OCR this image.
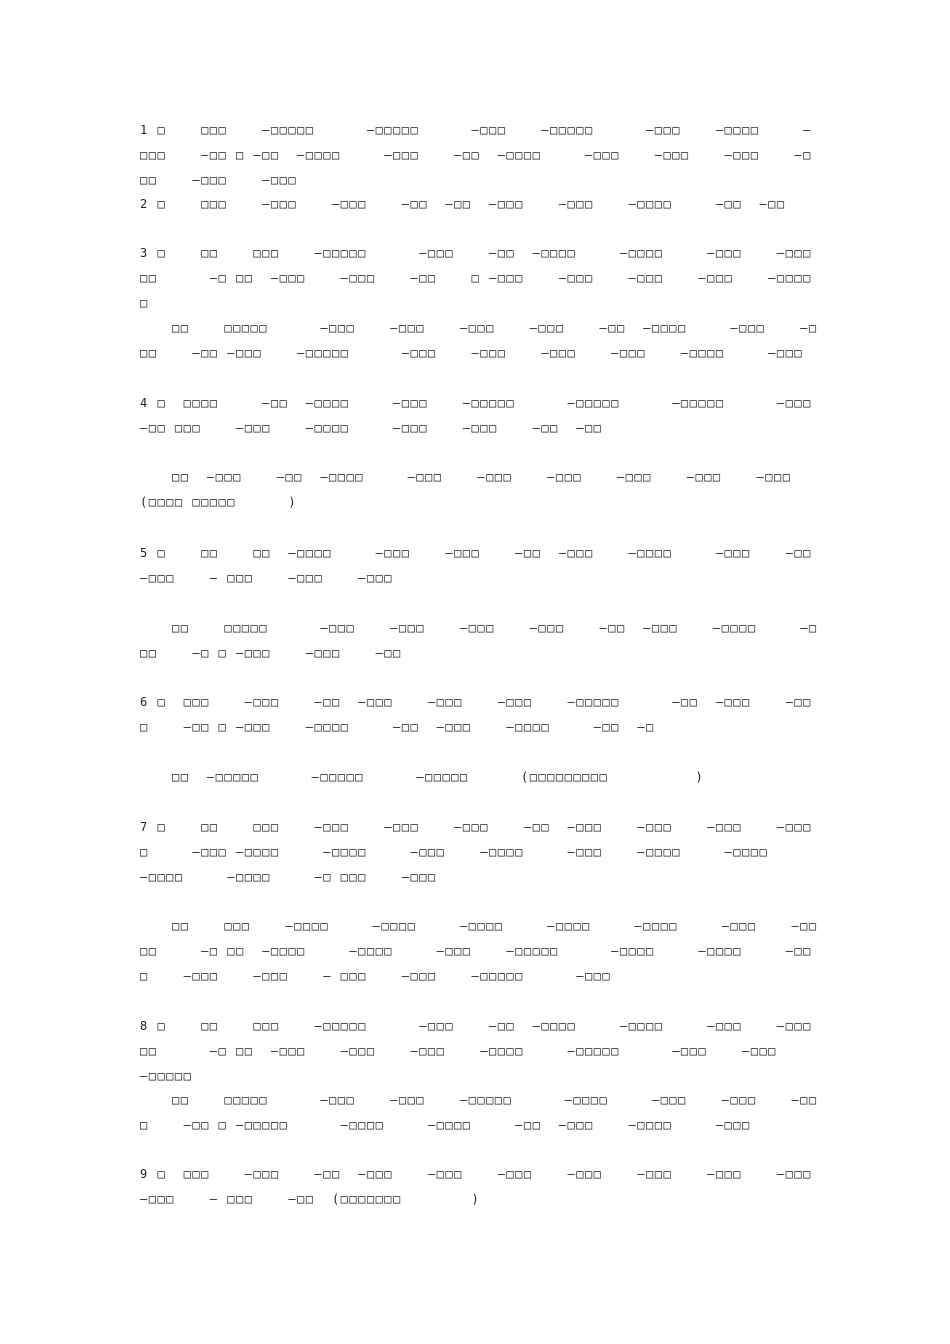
1 □    □□□    —□□□□□      —□□□□□      —□□□    —□□□□□      —□□□    —□□□□     —□□□    —□□ □ —□□  —□□□□     —□□□    —□□  —□□□□     —□□□    —□□□    —□□□    —□□□    —□□□    —□□□
2 □    □□□    —□□□    —□□□    —□□  —□□  —□□□    —□□□    —□□□□     —□□  —□□
3 □    □□    □□□    —□□□□□      —□□□    —□□  —□□□□     —□□□□     —□□□    —□□□□□      —□ □□  —□□□    —□□□    —□□    □ —□□□    —□□□    —□□□    —□□□    —□□□□□
□□    □□□□□      —□□□    —□□□    —□□□    —□□□    —□□  —□□□□     —□□□    —□□□    —□□ —□□□    —□□□□□      —□□□    —□□□    —□□□    —□□□    —□□□□     —□□□
4 □  □□□□     —□□  —□□□□     —□□□    —□□□□□      —□□□□□      —□□□□□      —□□□    —□□ □□□    —□□□    —□□□□     —□□□    —□□□    —□□  —□□
□□  —□□□    —□□  —□□□□     —□□□    —□□□    —□□□    —□□□    —□□□    —□□□    (□□□□ □□□□□      )
5 □    □□    □□  —□□□□     —□□□    —□□□    —□□  —□□□    —□□□□     —□□□    —□□  —□□□    — □□□    —□□□    —□□□
□□    □□□□□      —□□□    —□□□    —□□□    —□□□    —□□  —□□□    —□□□□     —□□□    —□ □ —□□□    —□□□    —□□
6 □  □□□    —□□□    —□□  —□□□    —□□□    —□□□    —□□□□□      —□□  —□□□    —□□□    —□□ □ —□□□    —□□□□     —□□  —□□□    —□□□□     —□□  —□
□□  —□□□□□      —□□□□□      —□□□□□      (□□□□□□□□□          )
7 □    □□    □□□    —□□□    —□□□    —□□□    —□□  —□□□    —□□□    —□□□    —□□□□     —□□□ —□□□□     —□□□□     —□□□    —□□□□     —□□□    —□□□□     —□□□□     —□□□□     —□□□□     —□ □□□    —□□□
□□    □□□    —□□□□     —□□□□     —□□□□     —□□□□     —□□□□     —□□□    —□□□□     —□ □□  —□□□□     —□□□□     —□□□    —□□□□□      —□□□□     —□□□□     —□□□    —□□□    —□□□    — □□□    —□□□    —□□□□□      —□□□
8 □    □□    □□□    —□□□□□      —□□□    —□□  —□□□□     —□□□□     —□□□    —□□□□□      —□ □□  —□□□    —□□□    —□□□    —□□□□     —□□□□□      —□□□    —□□□    —□□□□□
□□    □□□□□      —□□□    —□□□    —□□□□□      —□□□□     —□□□    —□□□    —□□□    —□□ □ —□□□□□      —□□□□     —□□□□     —□□  —□□□    —□□□□     —□□□
9 □  □□□    —□□□    —□□  —□□□    —□□□    —□□□    —□□□    —□□□    —□□□    —□□□    —□□□    — □□□    —□□  (□□□□□□□        )
